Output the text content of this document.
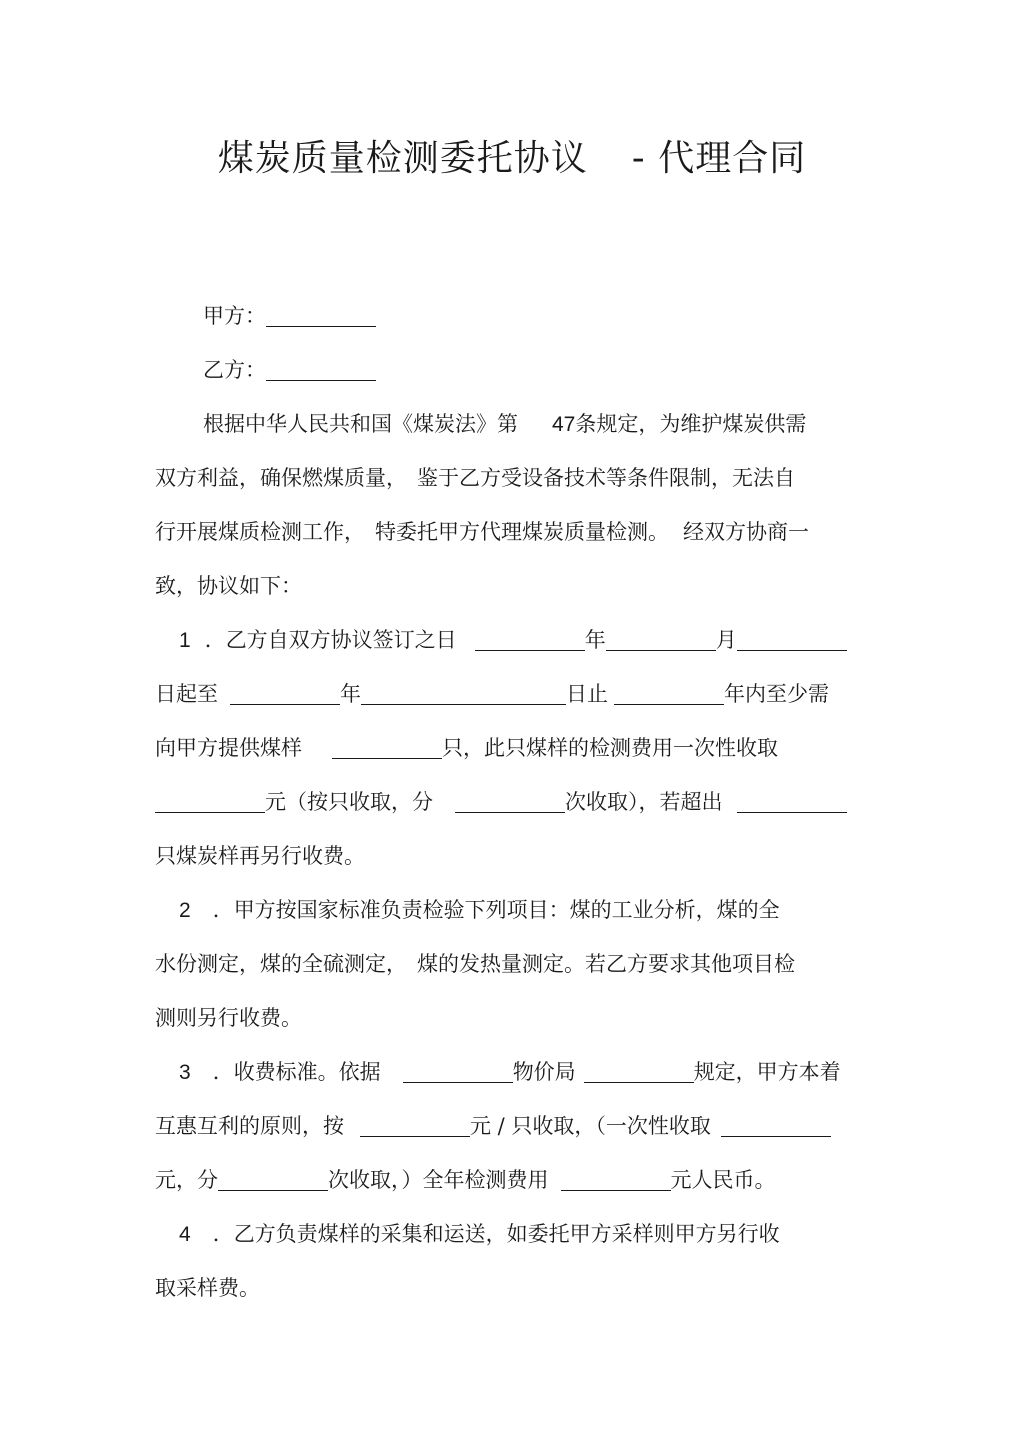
煤炭质量检测委托协议 - 代理合同
甲方：
乙方：
根据中华人民共和国《煤炭法》第 47条规定，为维护煤炭供需
双方利益，确保燃煤质量， 鉴于乙方受设备技术等条件限制，无法自
行开展煤质检测工作， 特委托甲方代理煤炭质量检测。 经双方协商一
致，协议如下：
1 ．乙方自双方协议签订之日	年	月
日起至	年	日止	年内至少需
向甲方提供煤样	只，此只煤样的检测费用一次性收取
元（按只收取，分	次收取），若超出
只煤炭样再另行收费。
2 ．甲方按国家标准负责检验下列项目：煤的工业分析，煤的全
水份测定，煤的全硫测定， 煤的发热量测定。若乙方要求其他项目检
测则另行收费。
3 ．收费标准。依据	物价局	规定，甲方本着
互惠互利的原则，按	元 / 只收取，（一次性收取
元，分	次收取，）全年检测费用	元人民币。
4 ．乙方负责煤样的采集和运送，如委托甲方采样则甲方另行收
取采样费。
